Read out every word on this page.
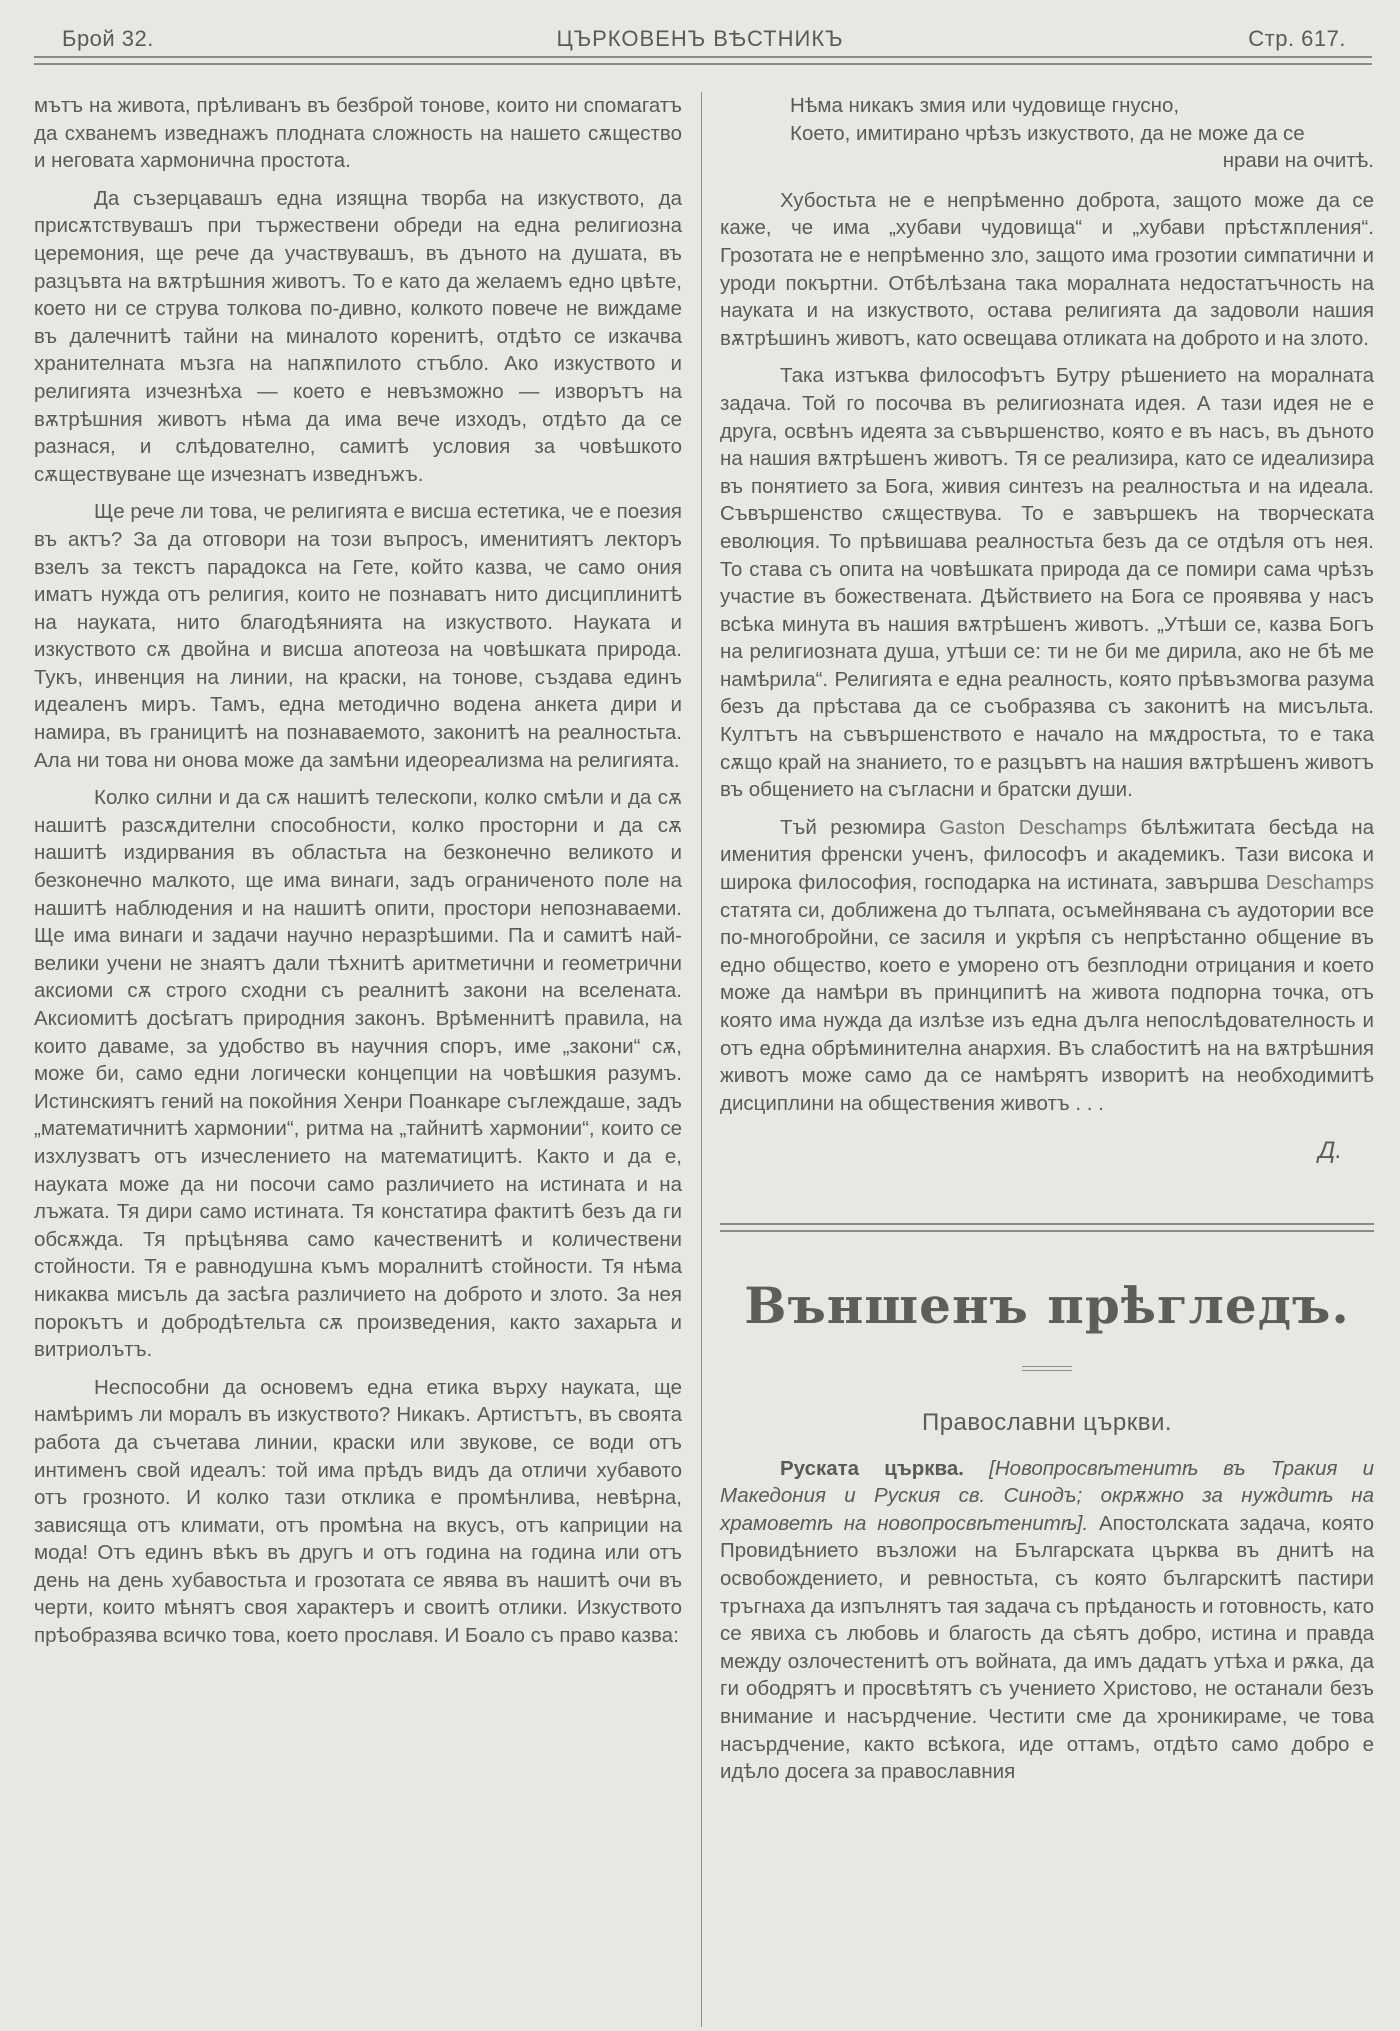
Брой 32.	ЦЪРКОВЕНЪ ВѢСТНИКЪ	Стр. 617.

мътъ на живота, прѣливанъ въ безброй тонове, които ни спомагатъ да схванемъ изведнажъ плодната сложность на нашето сѫщество и неговата хармонична простота.

Да съзерцавашъ една изящна творба на изкуството, да присѫтствувашъ при тържествени обреди на една религиозна церемония, ще рече да участвувашъ, въ дъното на душата, въ разцъвта на вѫтрѣшния животъ. То е като да желаемъ едно цвѣте, което ни се струва толкова по-дивно, колкото повече не виждаме въ далечнитѣ тайни на миналото коренитѣ, отдѣто се изкачва хранителната мъзга на напѫпилото стъбло. Ако изкуството и религията изчезнѣха — което е невъзможно — изворътъ на вѫтрѣшния животъ нѣма да има вече изходъ, отдѣто да се разнася, и слѣдователно, самитѣ условия за човѣшкото сѫществуване ще изчезнатъ изведнъжъ.

Ще рече ли това, че религията е висша естетика, че е поезия въ актъ? За да отговори на този въпросъ, именитиятъ лекторъ взелъ за текстъ парадокса на Гете, който казва, че само ония иматъ нужда отъ религия, които не познаватъ нито дисциплинитѣ на науката, нито благодѣянията на изкуството. Науката и изкуството сѫ двойна и висша апотеоза на човѣшката природа. Тукъ, инвенция на линии, на краски, на тонове, създава единъ идеаленъ миръ. Тамъ, една методично водена анкета дири и намира, въ границитѣ на познаваемото, законитѣ на реалностьта. Ала ни това ни онова може да замѣни идеореализма на религията.

Колко силни и да сѫ нашитѣ телескопи, колко смѣли и да сѫ нашитѣ разсѫдителни способности, колко просторни и да сѫ нашитѣ издирвания въ областьта на безконечно великото и безконечно малкото, ще има винаги, задъ ограниченото поле на нашитѣ наблюдения и на нашитѣ опити, простори непознаваеми. Ще има винаги и задачи научно неразрѣшими. Па и самитѣ най-велики учени не знаятъ дали тѣхнитѣ аритметични и геометрични аксиоми сѫ строго сходни съ реалнитѣ закони на вселената. Аксиомитѣ досѣгатъ природния законъ. Врѣменнитѣ правила, на които даваме, за удобство въ научния споръ, име „закони“ сѫ, може би, само едни логически концепции на човѣшкия разумъ. Истинскиятъ гений на покойния Хенри Поанкаре съглеждаше, задъ „математичнитѣ хармонии“, ритма на „тайнитѣ хармонии“, които се изхлузватъ отъ изчеслението на математицитѣ. Както и да е, науката може да ни посочи само различието на истината и на лъжата. Тя дири само истината. Тя констатира фактитѣ безъ да ги обсѫжда. Тя прѣцѣнява само качественитѣ и количествени стойности. Тя е равнодушна къмъ моралнитѣ стойности. Тя нѣма никаква мисъль да засѣга различието на доброто и злото. За нея порокътъ и добродѣтельта сѫ произведения, както захарьта и витриолътъ.

Неспособни да основемъ една етика върху науката, ще намѣримъ ли моралъ въ изкуството? Никакъ. Артистътъ, въ своята работа да съчетава линии, краски или звукове, се води отъ интименъ свой идеалъ: той има прѣдъ видъ да отличи хубавото отъ грозното. И колко тази отклика е промѣнлива, невѣрна, зависяща отъ климати, отъ промѣна на вкусъ, отъ каприции на мода! Отъ единъ вѣкъ въ другъ и отъ година на година или отъ день на день хубавостьта и грозотата се явява въ нашитѣ очи въ черти, които мѣнятъ своя характеръ и своитѣ отлики. Изкуството прѣобразява всичко това, което прославя. И Боало съ право казва:

Нѣма никакъ змия или чудовище гнусно,
Което, имитирано чрѣзъ изкуството, да не може да се
нрави на очитѣ.

Хубостьта не е непрѣменно доброта, защото може да се каже, че има „хубави чудовища“ и „хубави прѣстѫпления“. Грозотата не е непрѣменно зло, защото има грозотии симпатични и уроди покъртни. Отбѣлѣзана така моралната недостатъчность на науката и на изкуството, остава религията да задоволи нашия вѫтрѣшинъ животъ, като освещава отликата на доброто и на злото.

Така изтъква философътъ Бутру рѣшението на моралната задача. Той го посочва въ религиозната идея. А тази идея не е друга, освѣнъ идеята за съвършенство, която е въ насъ, въ дъното на нашия вѫтрѣшенъ животъ. Тя се реализира, като се идеализира въ понятието за Бога, живия синтезъ на реалностьта и на идеала. Съвършенство сѫществува. То е завършекъ на творческата еволюция. То прѣвишава реалностьта безъ да се отдѣля отъ нея. То става съ опита на човѣшката природа да се помири сама чрѣзъ участие въ божествената. Дѣйствието на Бога се проявява у насъ всѣка минута въ нашия вѫтрѣшенъ животъ. „Утѣши се, казва Богъ на религиозната душа, утѣши се: ти не би ме дирила, ако не бѣ ме намѣрила“. Религията е една реалность, която прѣвъзмогва разума безъ да прѣстава да се съобразява съ законитѣ на мисъльта. Култътъ на съвършенството е начало на мѫдростьта, то е така сѫщо край на знанието, то е разцъвтъ на нашия вѫтрѣшенъ животъ въ общението на съгласни и братски души.

Тъй резюмира Gaston Deschamps бѣлѣжитата бесѣда на именития френски ученъ, философъ и академикъ. Тази висока и широка философия, господарка на истината, завършва Deschamps статята си, доближена до тълпата, осъмейнявана съ аудотории все по-многобройни, се засиля и укрѣпя съ непрѣстанно общение въ едно общество, което е уморено отъ безплодни отрицания и което може да намѣри въ принципитѣ на живота подпорна точка, отъ която има нужда да излѣзе изъ една дълга непослѣдователность и отъ една обрѣминителна анархия. Въ слабоститѣ на на вѫтрѣшния животъ може само да се намѣрятъ изворитѣ на необходимитѣ дисциплини на обществения животъ . . .

Д.
Външенъ прѣгледъ.
Православни църкви.

Руската църква. [Новопросвѣтенитѣ въ Тракия и Македония и Руския св. Синодъ; окрѫжно за нуждитѣ на храмоветѣ на новопросвѣтенитѣ]. Апостолската задача, която Провидѣнието възложи на Българската църква въ днитѣ на освобождението, и ревностьта, съ която българскитѣ пастири тръгнаха да изпълнятъ тая задача съ прѣданость и готовность, като се явиха съ любовь и благость да сѣятъ добро, истина и правда между озлочестенитѣ отъ войната, да имъ дадатъ утѣха и рѫка, да ги ободрятъ и просвѣтятъ съ учението Христово, не останали безъ внимание и насърдчение. Честити сме да хроникираме, че това насърдчение, както всѣкога, иде оттамъ, отдѣто само добро е идѣло досега за православния
